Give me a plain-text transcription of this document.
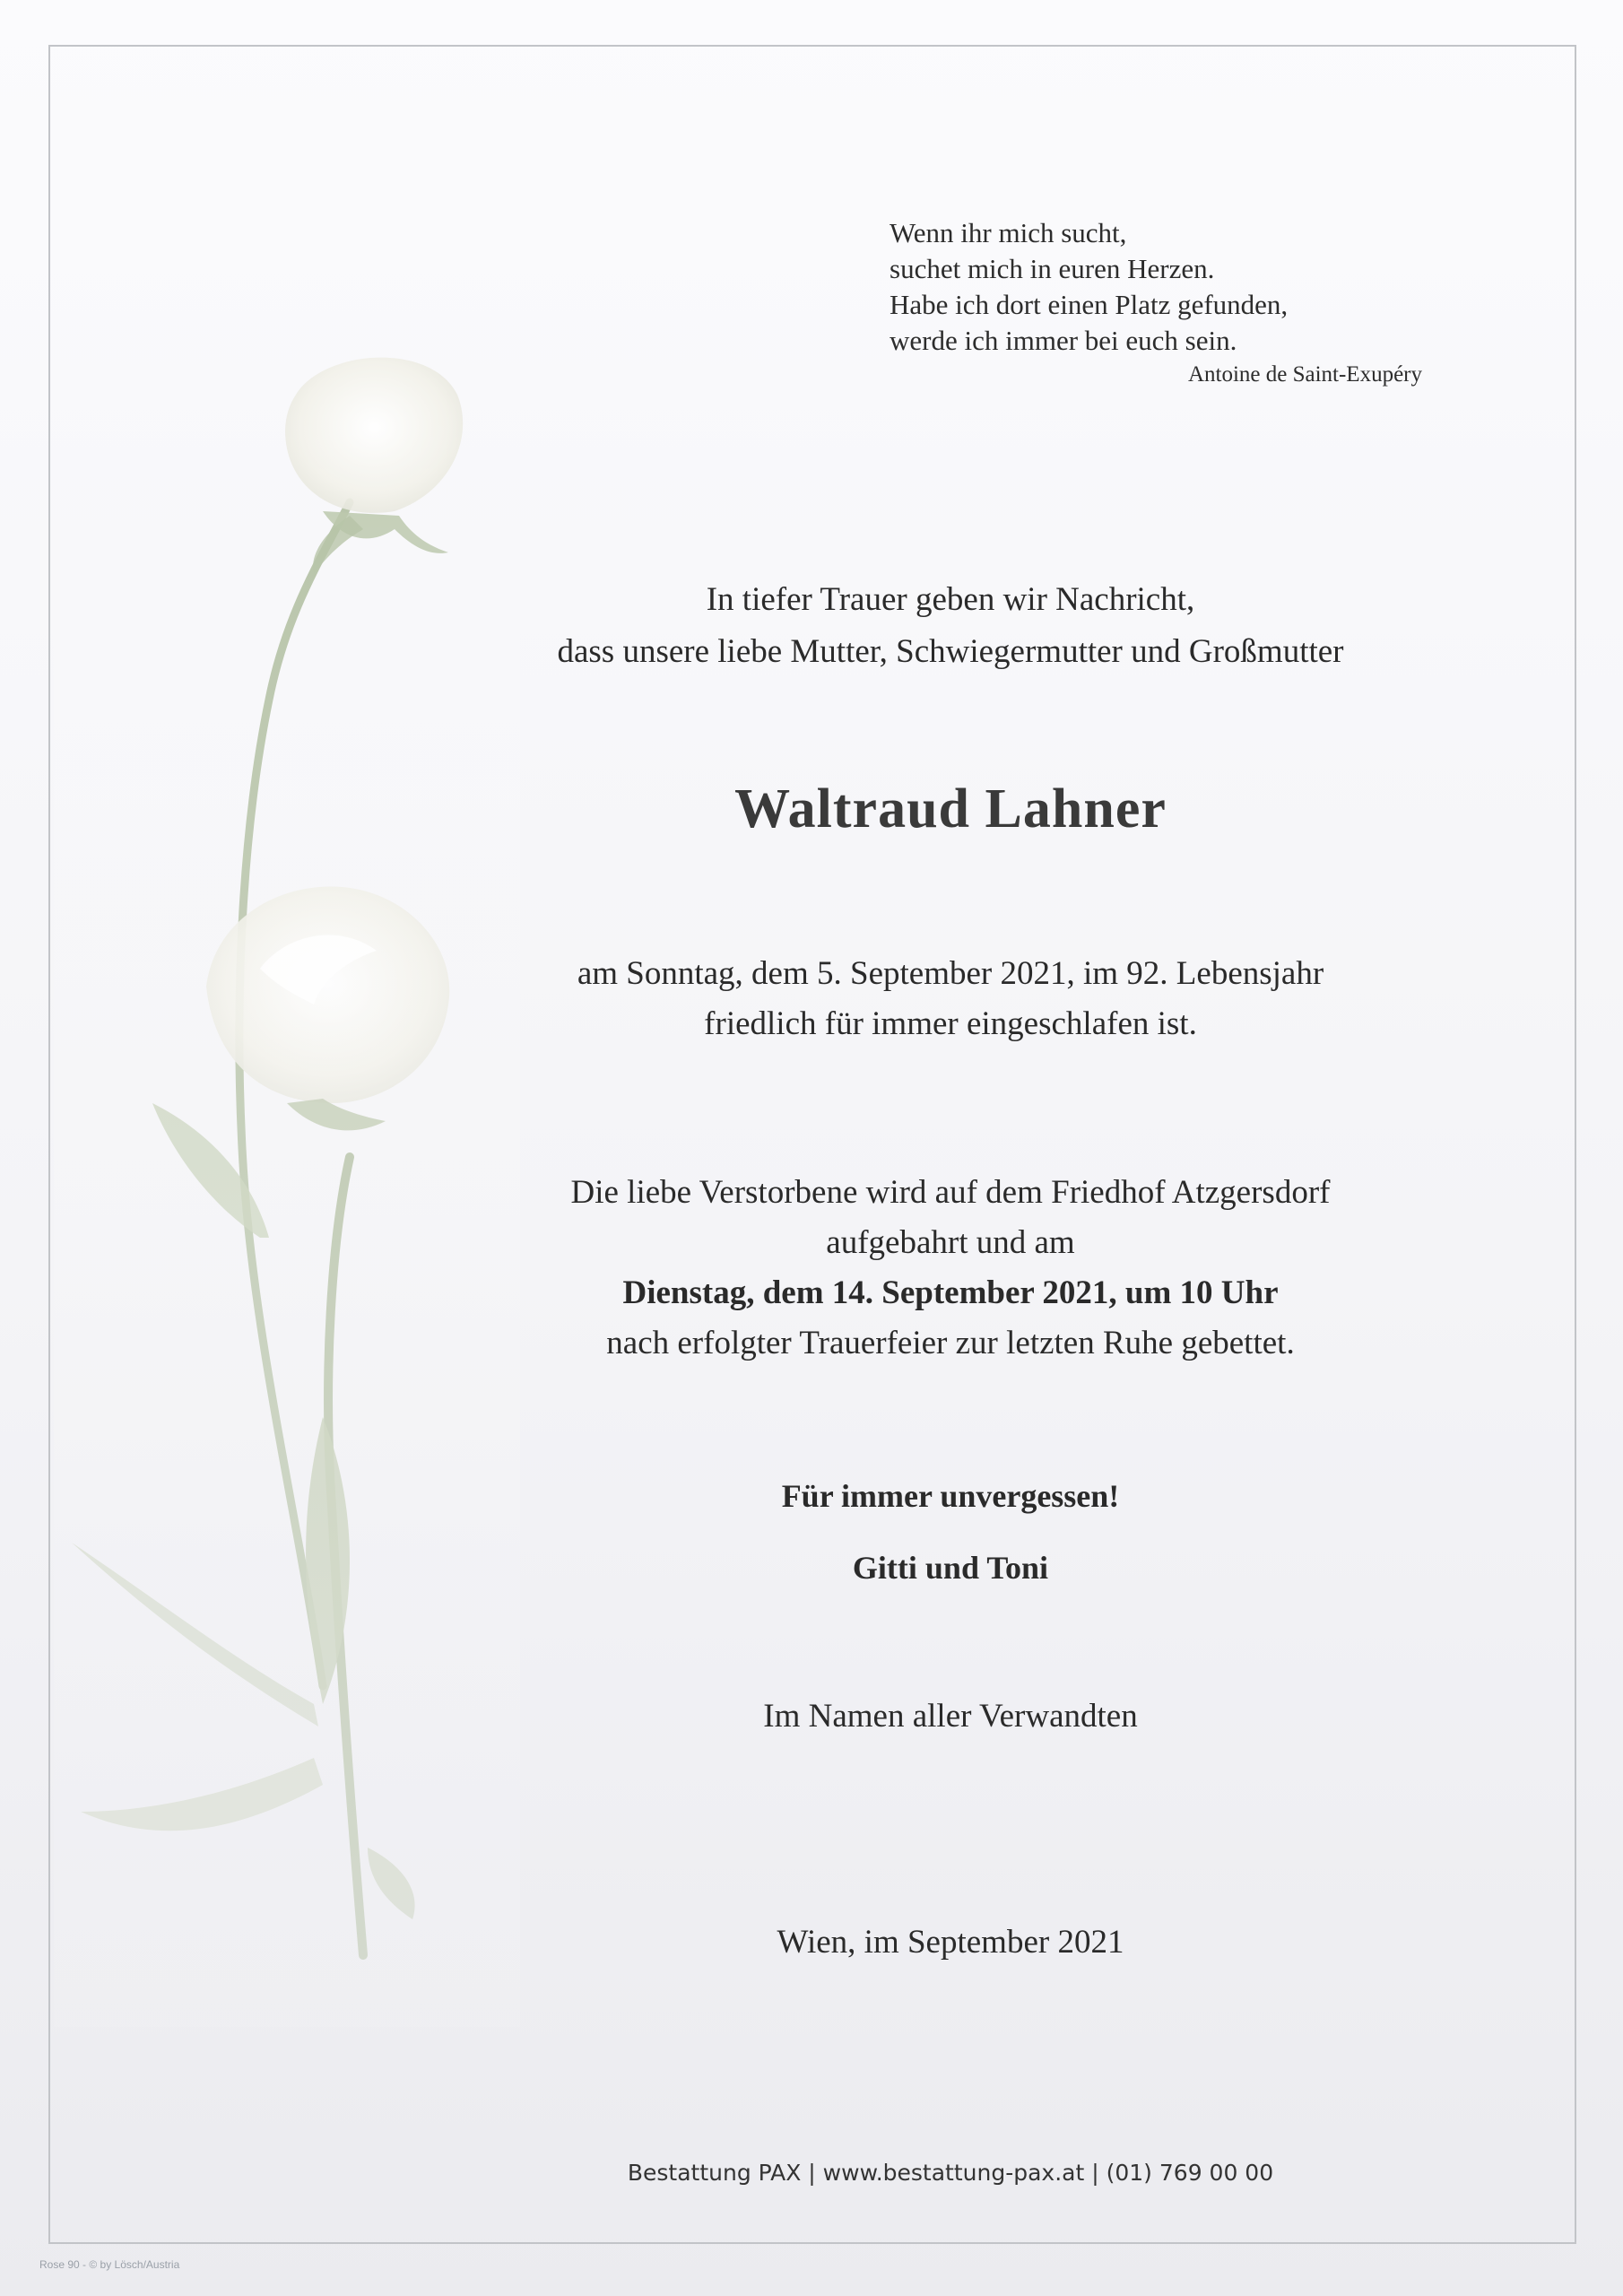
Wenn ihr mich sucht,
suchet mich in euren Herzen.
Habe ich dort einen Platz gefunden,
werde ich immer bei euch sein.
Antoine de Saint-Exupéry
In tiefer Trauer geben wir Nachricht,
dass unsere liebe Mutter, Schwiegermutter und Großmutter
Waltraud Lahner
am Sonntag, dem 5. September 2021, im 92. Lebensjahr
friedlich für immer eingeschlafen ist.
Die liebe Verstorbene wird auf dem Friedhof Atzgersdorf
aufgebahrt und am
Dienstag, dem 14. September 2021, um 10 Uhr
nach erfolgter Trauerfeier zur letzten Ruhe gebettet.
Für immer unvergessen!
Gitti und Toni
Im Namen aller Verwandten
Wien, im September 2021
Bestattung PAX | www.bestattung-pax.at | (01) 769 00 00
Rose 90 - © by Lösch/Austria
